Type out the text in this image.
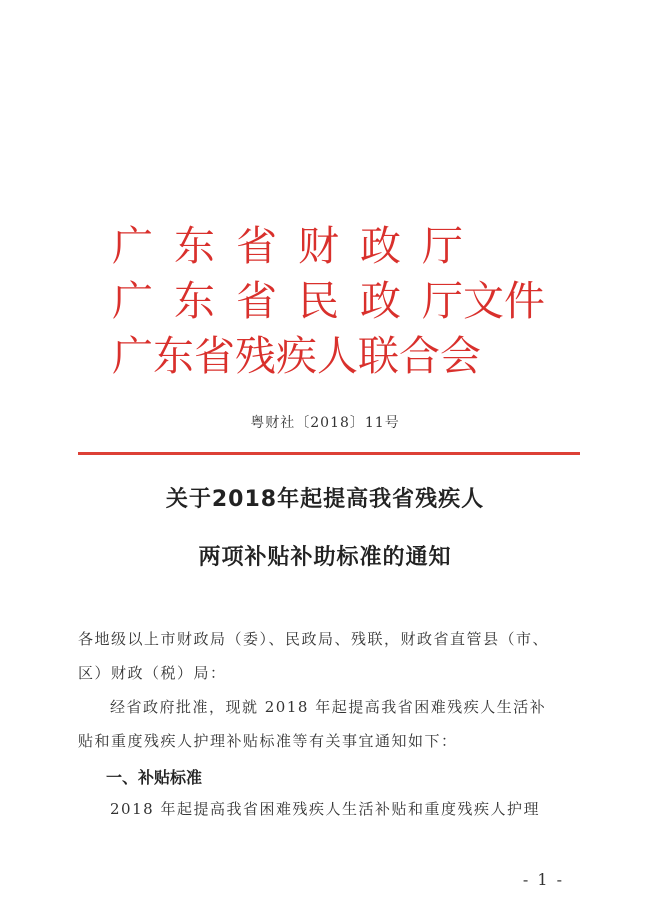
广东省财政厅
广东省民政厅文件
广东省残疾人联合会
粤财社〔2018〕11号
关于2018年起提高我省残疾人
两项补贴补助标准的通知
各地级以上市财政局（委）、民政局、残联，财政省直管县（市、
区）财政（税）局：
经省政府批准，现就 2018 年起提高我省困难残疾人生活补
贴和重度残疾人护理补贴标准等有关事宜通知如下：
一、补贴标准
2018 年起提高我省困难残疾人生活补贴和重度残疾人护理
- 1 -
